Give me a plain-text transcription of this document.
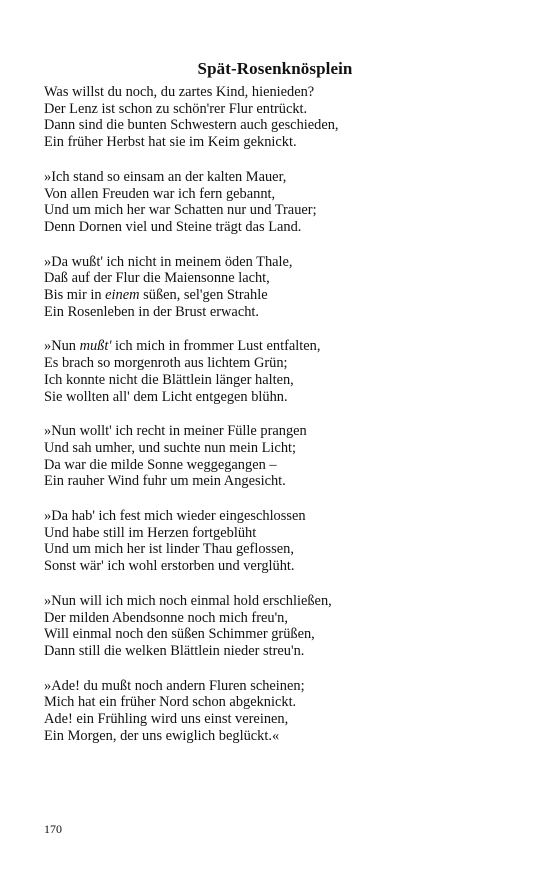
Spät-Rosenknösplein
Was willst du noch, du zartes Kind, hienieden?
Der Lenz ist schon zu schön'rer Flur entrückt.
Dann sind die bunten Schwestern auch geschieden,
Ein früher Herbst hat sie im Keim geknickt.
»Ich stand so einsam an der kalten Mauer,
Von allen Freuden war ich fern gebannt,
Und um mich her war Schatten nur und Trauer;
Denn Dornen viel und Steine trägt das Land.
»Da wußt' ich nicht in meinem öden Thale,
Daß auf der Flur die Maiensonne lacht,
Bis mir in einem süßen, sel'gen Strahle
Ein Rosenleben in der Brust erwacht.
»Nun mußt' ich mich in frommer Lust entfalten,
Es brach so morgenroth aus lichtem Grün;
Ich konnte nicht die Blättlein länger halten,
Sie wollten all' dem Licht entgegen blühn.
»Nun wollt' ich recht in meiner Fülle prangen
Und sah umher, und suchte nun mein Licht;
Da war die milde Sonne weggegangen –
Ein rauher Wind fuhr um mein Angesicht.
»Da hab' ich fest mich wieder eingeschlossen
Und habe still im Herzen fortgeblüht
Und um mich her ist linder Thau geflossen,
Sonst wär' ich wohl erstorben und verglüht.
»Nun will ich mich noch einmal hold erschließen,
Der milden Abendsonne noch mich freu'n,
Will einmal noch den süßen Schimmer grüßen,
Dann still die welken Blättlein nieder streu'n.
»Ade! du mußt noch andern Fluren scheinen;
Mich hat ein früher Nord schon abgeknickt.
Ade! ein Frühling wird uns einst vereinen,
Ein Morgen, der uns ewiglich beglückt.«
170
